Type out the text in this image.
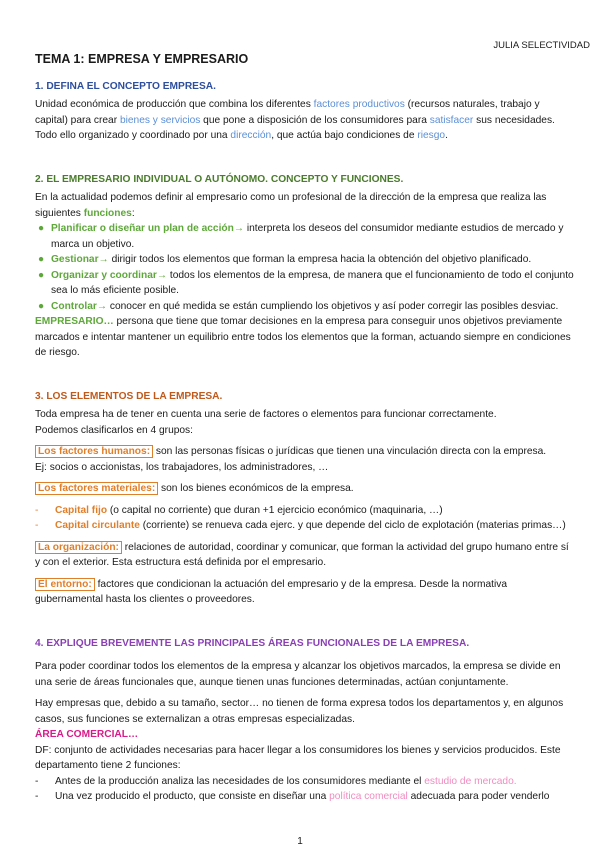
JULIA SELECTIVIDAD
TEMA 1: EMPRESA Y EMPRESARIO
1. DEFINA EL CONCEPTO EMPRESA.

Unidad económica de producción que combina los diferentes factores productivos (recursos naturales, trabajo y capital) para crear bienes y servicios que pone a disposición de los consumidores para satisfacer sus necesidades. Todo ello organizado y coordinado por una dirección, que actúa bajo condiciones de riesgo.

2. EL EMPRESARIO INDIVIDUAL O AUTÓNOMO. CONCEPTO Y FUNCIONES.

En la actualidad podemos definir al empresario como un profesional de la dirección de la empresa que realiza las siguientes funciones:

● Planificar o diseñar un plan de acción→ interpreta los deseos del consumidor mediante estudios de mercado y marca un objetivo.
● Gestionar→ dirigir todos los elementos que forman la empresa hacia la obtención del objetivo planificado.
● Organizar y coordinar→ todos los elementos de la empresa, de manera que el funcionamiento de todo el conjunto sea lo más eficiente posible.
● Controlar→ conocer en qué medida se están cumpliendo los objetivos y así poder corregir las posibles desviac.

EMPRESARIO… persona que tiene que tomar decisiones en la empresa para conseguir unos objetivos previamente marcados e intentar mantener un equilibrio entre todos los elementos que la forman, actuando siempre en condiciones de riesgo.

3. LOS ELEMENTOS DE LA EMPRESA.

Toda empresa ha de tener en cuenta una serie de factores o elementos para funcionar correctamente.

Podemos clasificarlos en 4 grupos:

Los factores humanos: son las personas físicas o jurídicas que tienen una vinculación directa con la empresa.

Ej: socios o accionistas, los trabajadores, los administradores, …

Los factores materiales: son los bienes económicos de la empresa.

- Capital fijo (o capital no corriente) que duran +1 ejercicio económico (maquinaria, …)
- Capital circulante (corriente) se renueva cada ejerc. y que depende del ciclo de explotación (materias primas…)

La organización: relaciones de autoridad, coordinar y comunicar, que forman la actividad del grupo humano entre sí y con el exterior. Esta estructura está definida por el empresario.

El entorno: factores que condicionan la actuación del empresario y de la empresa. Desde la normativa gubernamental hasta los clientes o proveedores.

4. EXPLIQUE BREVEMENTE LAS PRINCIPALES ÁREAS FUNCIONALES DE LA EMPRESA.

Para poder coordinar todos los elementos de la empresa y alcanzar los objetivos marcados, la empresa se divide en una serie de áreas funcionales que, aunque tienen unas funciones determinadas, actúan conjuntamente.

Hay empresas que, debido a su tamaño, sector… no tienen de forma expresa todos los departamentos y, en algunos casos, sus funciones se externalizan a otras empresas especializadas.

ÁREA COMERCIAL…

DF: conjunto de actividades necesarias para hacer llegar a los consumidores los bienes y servicios producidos. Este departamento tiene 2 funciones:

- Antes de la producción analiza las necesidades de los consumidores mediante el estudio de mercado.
- Una vez producido el producto, que consiste en diseñar una política comercial adecuada para poder venderlo
1
